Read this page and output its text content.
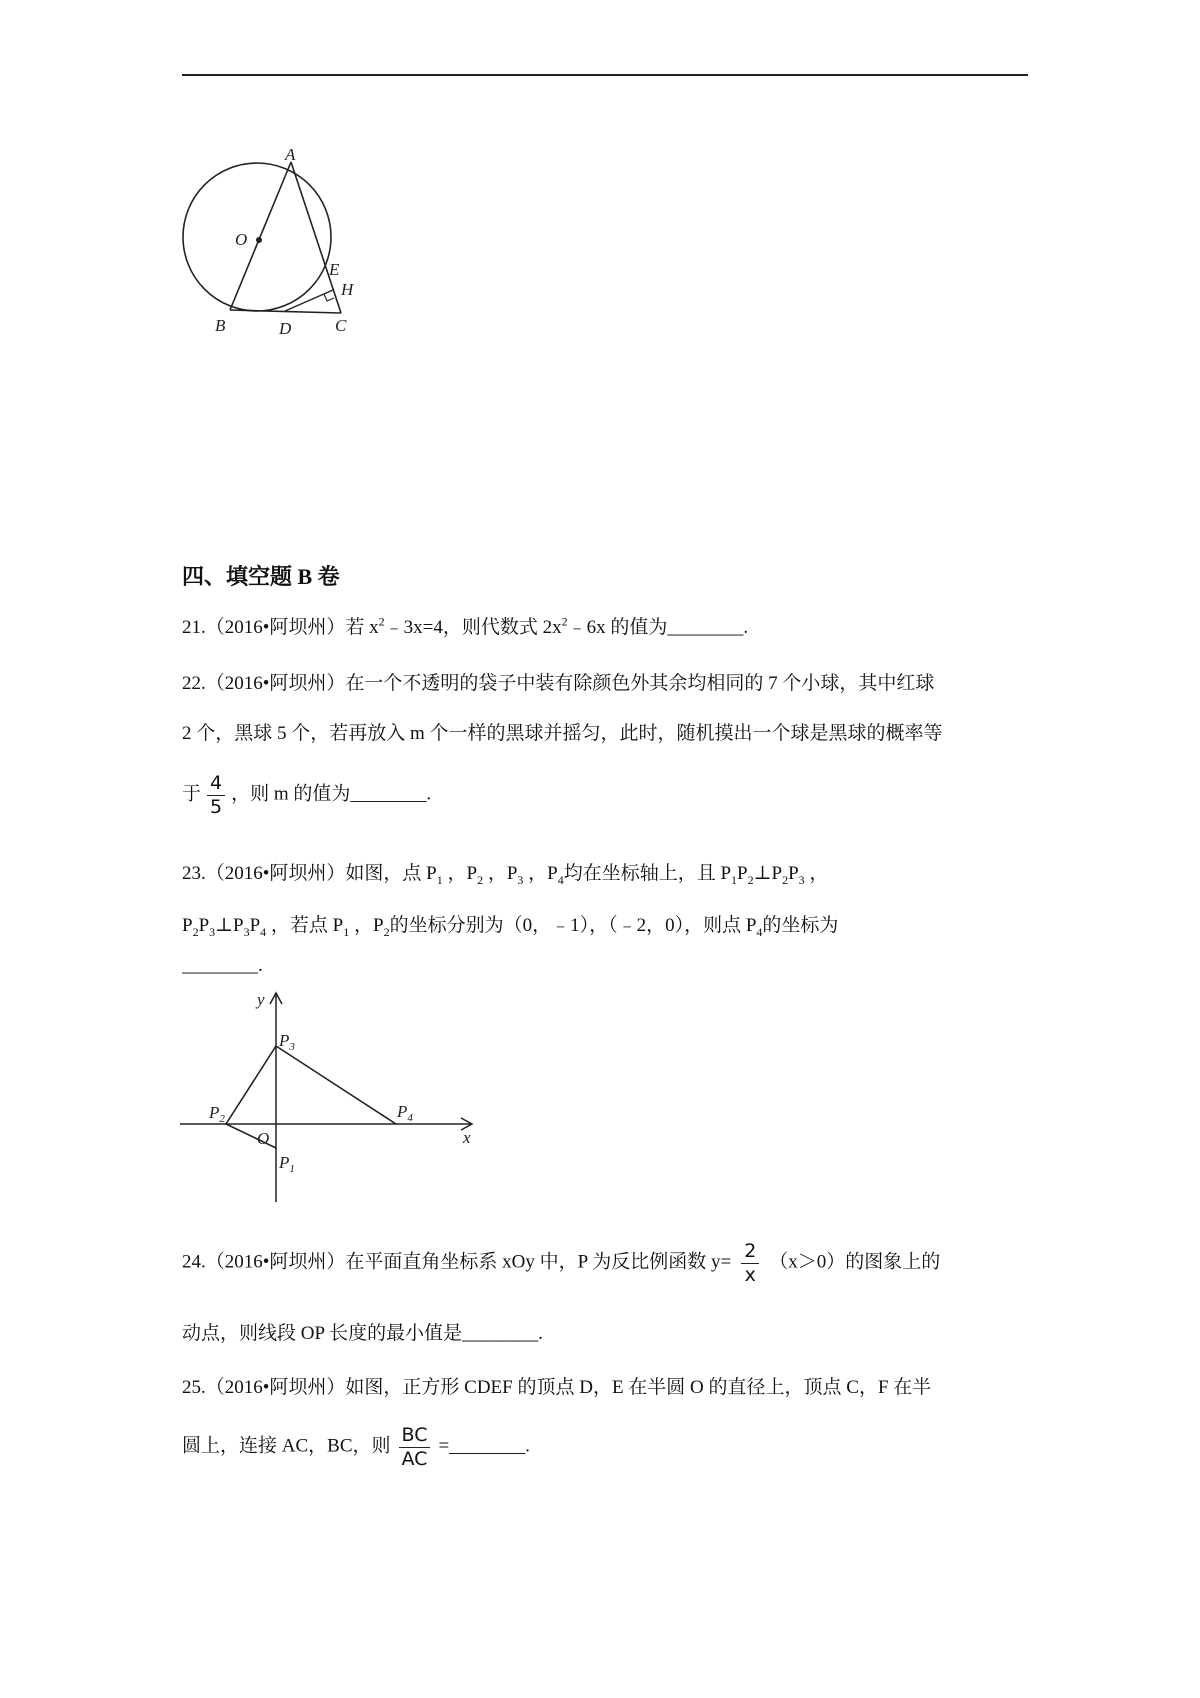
A
O
E
H
B	D	C
四、填空题 B 卷
21.（2016•阿坝州）若 $x^2﹣3x=4$，则代数式 $2x^2﹣6x$ 的值为________.
22.（2016•阿坝州）在一个不透明的袋子中装有除颜色外其余均相同的 7 个小球，其中红球
2 个，黑球 5 个，若再放入 m 个一样的黑球并摇匀，此时，随机摸出一个球是黑球的概率等
于 $\frac{4}{5}$ ，则 m 的值为________.
23.（2016•阿坝州）如图，点 $P_1$ ，$P_2$ ，$P_3$ ，$P_4$均在坐标轴上，且 $P_1P_2\perp P_2P_3$ ，
$P_2P_3\perp P_3P_4$ ，若点 $P_1$ ，$P_2$的坐标分别为（0，﹣1），（﹣2，0），则点 $P_4$的坐标为
________.
y
$P_3$
$P_2$	$P_4$
O	x
$P_1$
24.（2016•阿坝州）在平面直角坐标系 xOy 中，P 为反比例函数 $y= \frac{2}{x} (x>0)$的图象上的
动点，则线段 OP 长度的最小值是________.
25.（2016•阿坝州）如图，正方形 CDEF 的顶点 D，E 在半圆 O 的直径上，顶点 C，F 在半
圆上，连接 AC，BC，则 $\frac{BC}{AC}$ =________.
